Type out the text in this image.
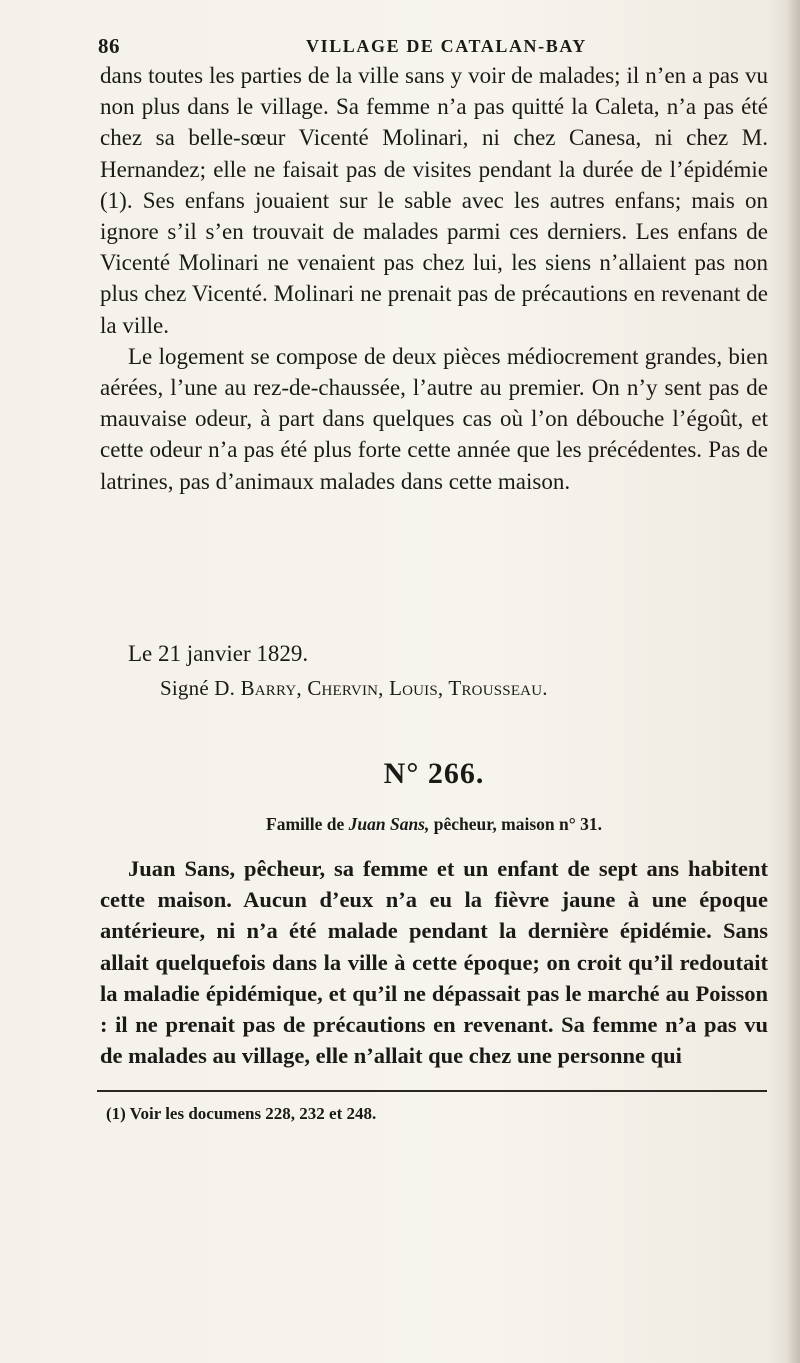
86	VILLAGE DE CATALAN-BAY

dans toutes les parties de la ville sans y voir de malades; il n’en a pas vu non plus dans le village. Sa femme n’a pas quitté la Caleta, n’a pas été chez sa belle-sœur Vicenté Molinari, ni chez Canesa, ni chez M. Hernandez; elle ne faisait pas de visites pendant la durée de l’épidémie (1). Ses enfans jouaient sur le sable avec les autres enfans; mais on ignore s’il s’en trouvait de malades parmi ces derniers. Les enfans de Vicenté Molinari ne venaient pas chez lui, les siens n’allaient pas non plus chez Vicenté. Molinari ne prenait pas de précautions en revenant de la ville.

Le logement se compose de deux pièces médiocrement grandes, bien aérées, l’une au rez-de-chaussée, l’autre au premier. On n’y sent pas de mauvaise odeur, à part dans quelques cas où l’on débouche l’égoût, et cette odeur n’a pas été plus forte cette année que les précédentes. Pas de latrines, pas d’animaux malades dans cette maison.

Le 21 janvier 1829.
Signé D. Barry, Chervin, Louis, Trousseau.
N° 266.
Famille de Juan Sans, pêcheur, maison n° 31.

Juan Sans, pêcheur, sa femme et un enfant de sept ans habitent cette maison. Aucun d’eux n’a eu la fièvre jaune à une époque antérieure, ni n’a été malade pendant la dernière épidémie. Sans allait quelquefois dans la ville à cette époque; on croit qu’il redoutait la maladie épidémique, et qu’il ne dépassait pas le marché au Poisson : il ne prenait pas de précautions en revenant. Sa femme n’a pas vu de malades au village, elle n’allait que chez une personne qui

(1) Voir les documens 228, 232 et 248.
